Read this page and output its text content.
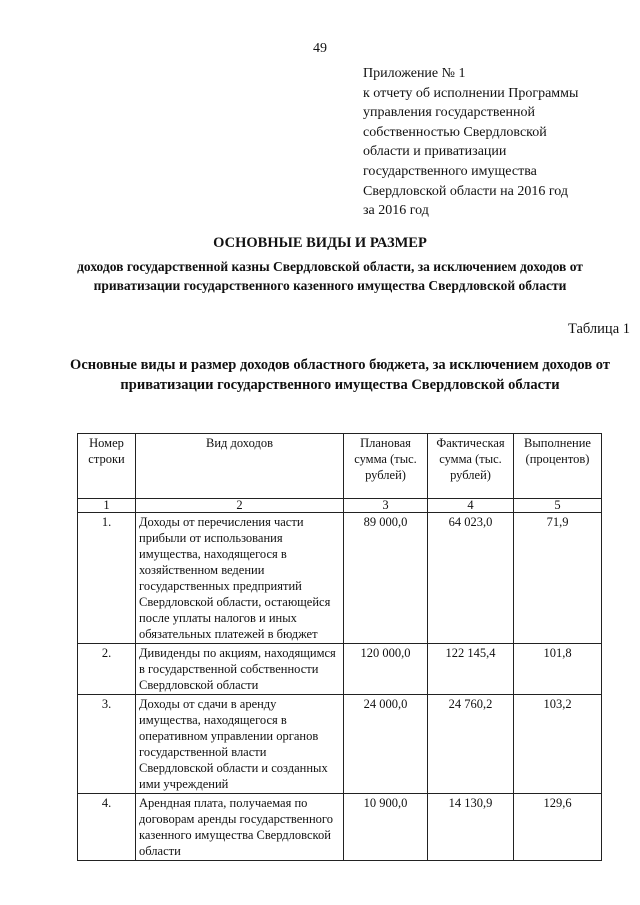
49
Приложение № 1
к отчету об исполнении Программы
управления государственной
собственностью Свердловской
области и приватизации
государственного имущества
Свердловской области на 2016 год
за 2016 год
ОСНОВНЫЕ ВИДЫ И РАЗМЕР
доходов государственной казны Свердловской области, за исключением доходов от приватизации государственного казенного имущества Свердловской области
Таблица 1
Основные виды и размер доходов областного бюджета, за исключением доходов от приватизации государственного имущества Свердловской области
Номер строки	Вид доходов	Плановая сумма (тыс. рублей)	Фактическая сумма (тыс. рублей)	Выполнение (процентов)
1	2	3	4	5
1.	Доходы от перечисления части прибыли от использования имущества, находящегося в хозяйственном ведении государственных предприятий Свердловской области, остающейся после уплаты налогов и иных обязательных платежей в бюджет	89 000,0	64 023,0	71,9
2.	Дивиденды по акциям, находящимся в государственной собственности Свердловской области	120 000,0	122 145,4	101,8
3.	Доходы от сдачи в аренду имущества, находящегося в оперативном управлении органов государственной власти Свердловской области и созданных ими учреждений	24 000,0	24 760,2	103,2
4.	Арендная плата, получаемая по договорам аренды государственного казенного имущества Свердловской области	10 900,0	14 130,9	129,6
